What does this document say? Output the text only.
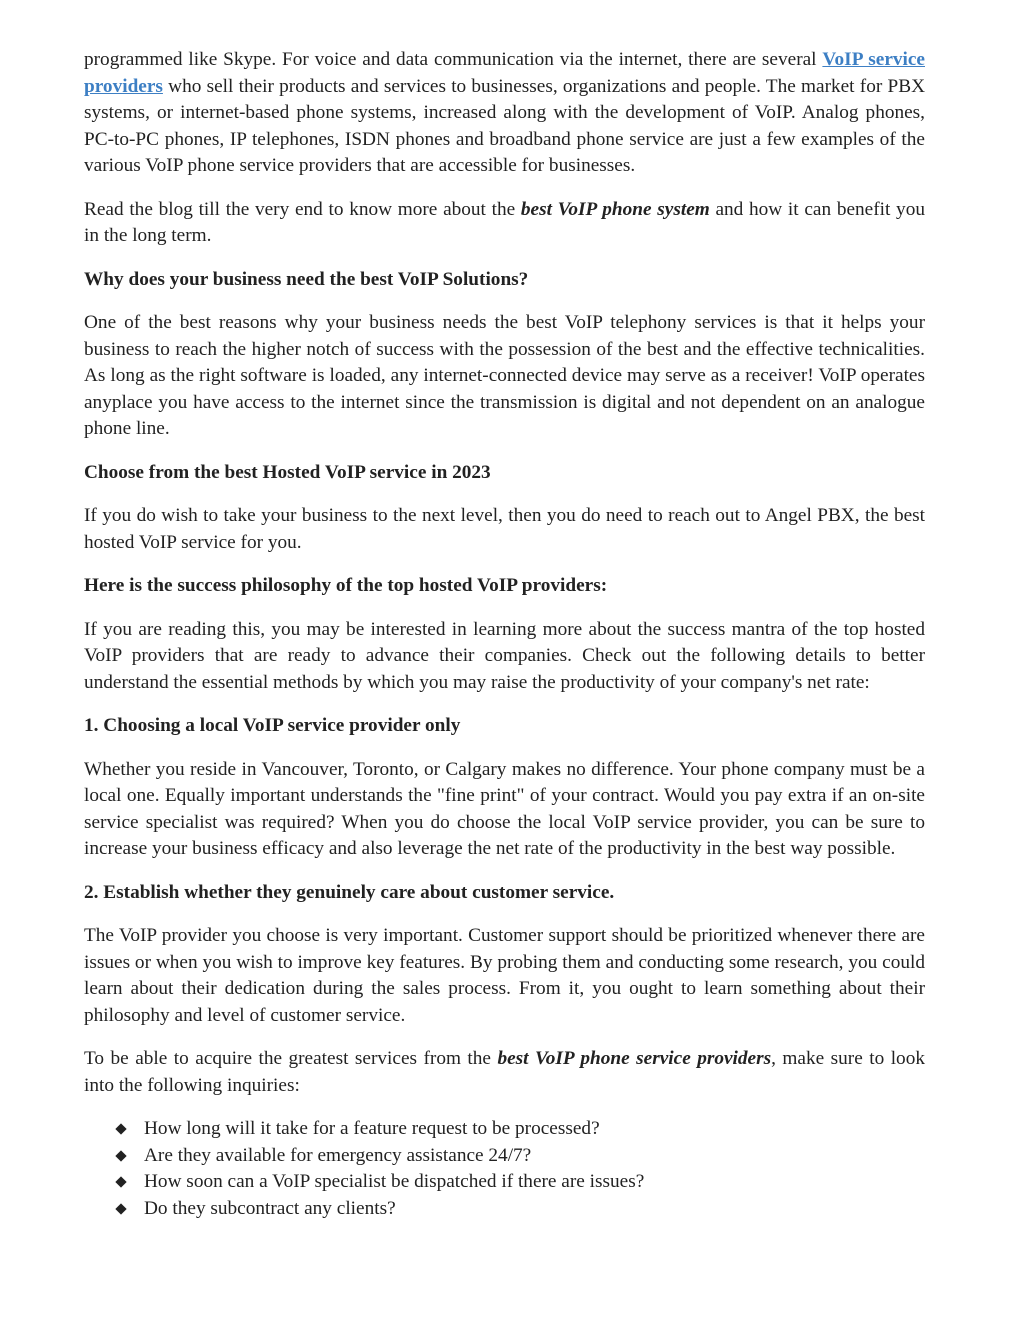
programmed like Skype. For voice and data communication via the internet, there are several VoIP service providers who sell their products and services to businesses, organizations and people. The market for PBX systems, or internet-based phone systems, increased along with the development of VoIP. Analog phones, PC-to-PC phones, IP telephones, ISDN phones and broadband phone service are just a few examples of the various VoIP phone service providers that are accessible for businesses.

Read the blog till the very end to know more about the best VoIP phone system and how it can benefit you in the long term.

Why does your business need the best VoIP Solutions?

One of the best reasons why your business needs the best VoIP telephony services is that it helps your business to reach the higher notch of success with the possession of the best and the effective technicalities. As long as the right software is loaded, any internet-connected device may serve as a receiver! VoIP operates anyplace you have access to the internet since the transmission is digital and not dependent on an analogue phone line.

Choose from the best Hosted VoIP service in 2023

If you do wish to take your business to the next level, then you do need to reach out to Angel PBX, the best hosted VoIP service for you.

Here is the success philosophy of the top hosted VoIP providers:

If you are reading this, you may be interested in learning more about the success mantra of the top hosted VoIP providers that are ready to advance their companies. Check out the following details to better understand the essential methods by which you may raise the productivity of your company's net rate:

1. Choosing a local VoIP service provider only

Whether you reside in Vancouver, Toronto, or Calgary makes no difference. Your phone company must be a local one. Equally important understands the "fine print" of your contract. Would you pay extra if an on-site service specialist was required? When you do choose the local VoIP service provider, you can be sure to increase your business efficacy and also leverage the net rate of the productivity in the best way possible.

2. Establish whether they genuinely care about customer service.

The VoIP provider you choose is very important. Customer support should be prioritized whenever there are issues or when you wish to improve key features. By probing them and conducting some research, you could learn about their dedication during the sales process. From it, you ought to learn something about their philosophy and level of customer service.

To be able to acquire the greatest services from the best VoIP phone service providers, make sure to look into the following inquiries:

How long will it take for a feature request to be processed?
Are they available for emergency assistance 24/7?
How soon can a VoIP specialist be dispatched if there are issues?
Do they subcontract any clients?
